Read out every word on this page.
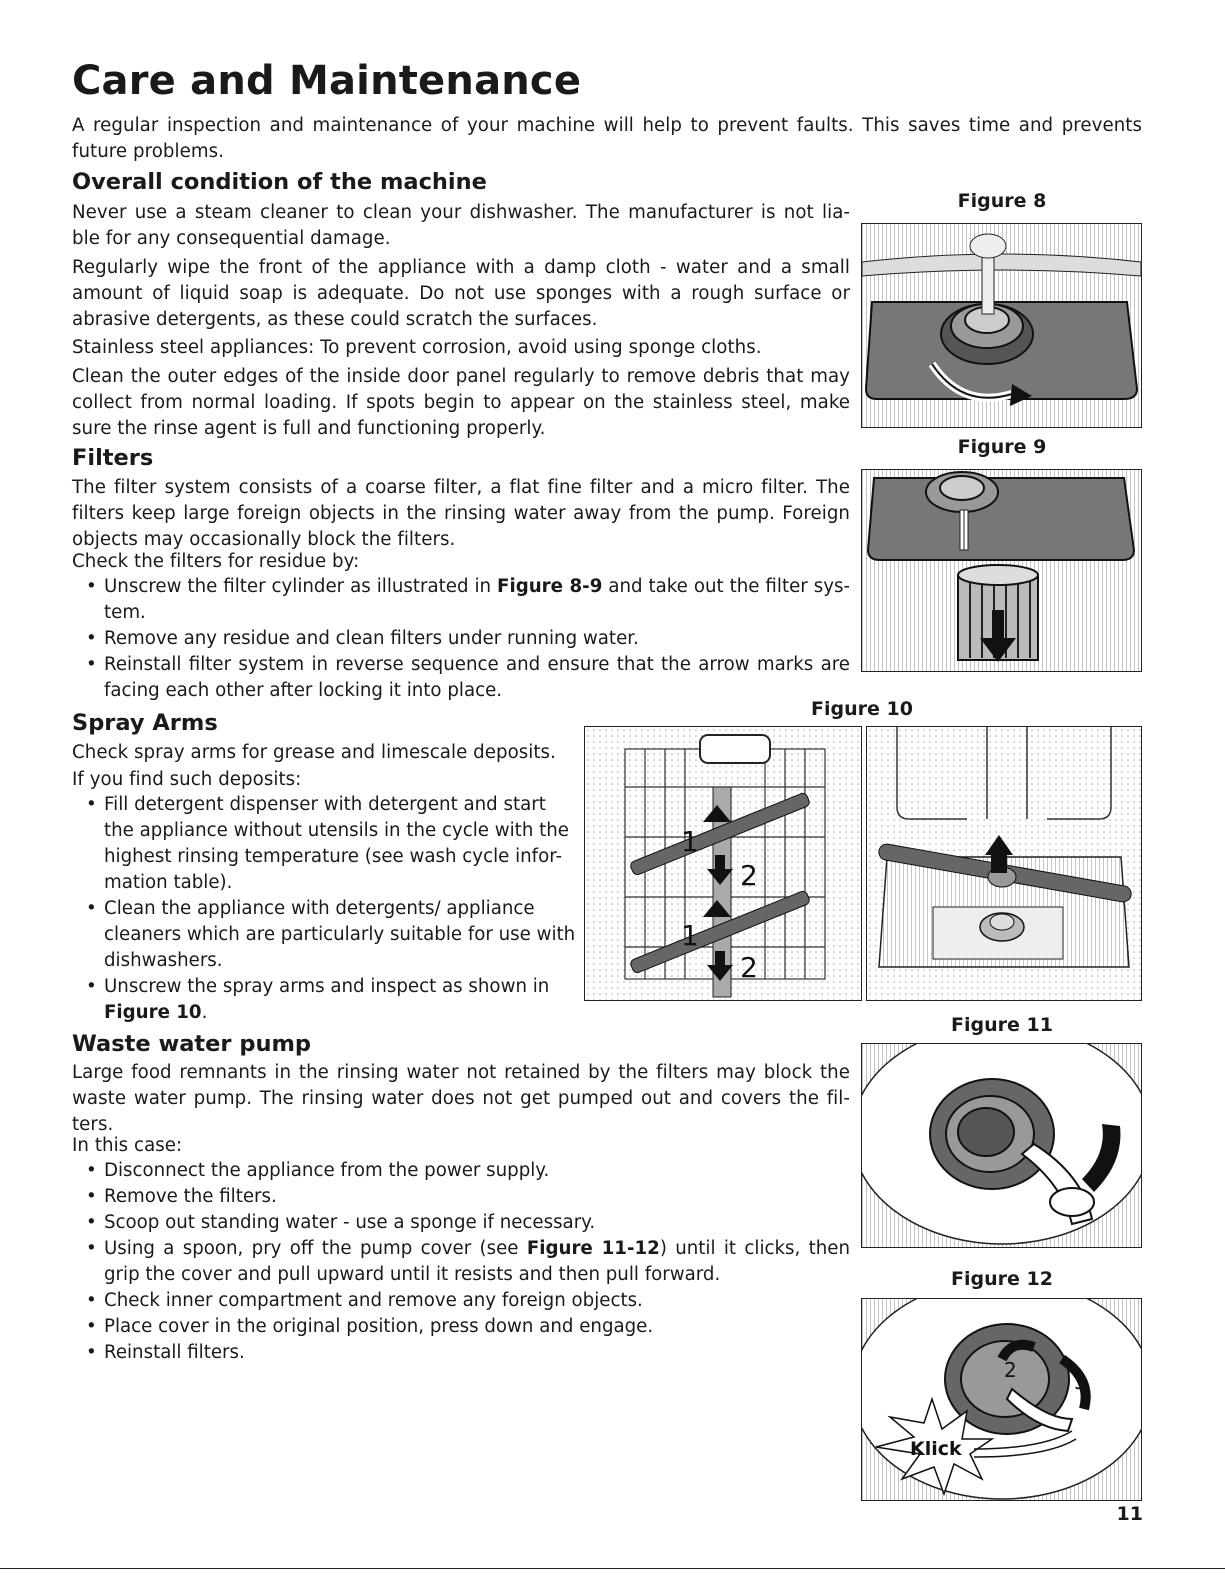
Care and Maintenance

A regular inspection and maintenance of your machine will help to prevent faults. This saves time and prevents future problems.

Overall condition of the machine

Never use a steam cleaner to clean your dishwasher. The manufacturer is not lia- ble for any consequential damage.

Regularly wipe the front of the appliance with a damp cloth - water and a small amount of liquid soap is adequate. Do not use sponges with a rough surface or abrasive detergents, as these could scratch the surfaces.

Stainless steel appliances: To prevent corrosion, avoid using sponge cloths.

Clean the outer edges of the inside door panel regularly to remove debris that may collect from normal loading. If spots begin to appear on the stainless steel, make sure the rinse agent is full and functioning properly.

Filters

The filter system consists of a coarse filter, a flat fine filter and a micro filter. The filters keep large foreign objects in the rinsing water away from the pump. Foreign objects may occasionally block the filters.

Check the filters for residue by:

• Unscrew the filter cylinder as illustrated in Figure 8-9 and take out the filter sys- tem.
• Remove any residue and clean filters under running water.
• Reinstall filter system in reverse sequence and ensure that the arrow marks are facing each other after locking it into place.
Spray Arms

Check spray arms for grease and limescale deposits.

If you find such deposits:

• Fill detergent dispenser with detergent and start the appliance without utensils in the cycle with the highest rinsing temperature (see wash cycle infor- mation table).
• Clean the appliance with detergents/ appliance cleaners which are particularly suitable for use with dishwashers.
• Unscrew the spray arms and inspect as shown in
Figure 10.
Waste water pump

Large food remnants in the rinsing water not retained by the filters may block the waste water pump. The rinsing water does not get pumped out and covers the fil- ters.

In this case:

• Disconnect the appliance from the power supply.
• Remove the filters.
• Scoop out standing water - use a sponge if necessary.
• Using a spoon, pry off the pump cover (see Figure 11-12) until it clicks, then grip the cover and pull upward until it resists and then pull forward.
• Check inner compartment and remove any foreign objects.
• Place cover in the original position, press down and engage.
• Reinstall filters.
Figure 8
Figure 9
Figure 10
1
2
1
2
Figure 11
1
Figure 12
2	3
Klick
11
